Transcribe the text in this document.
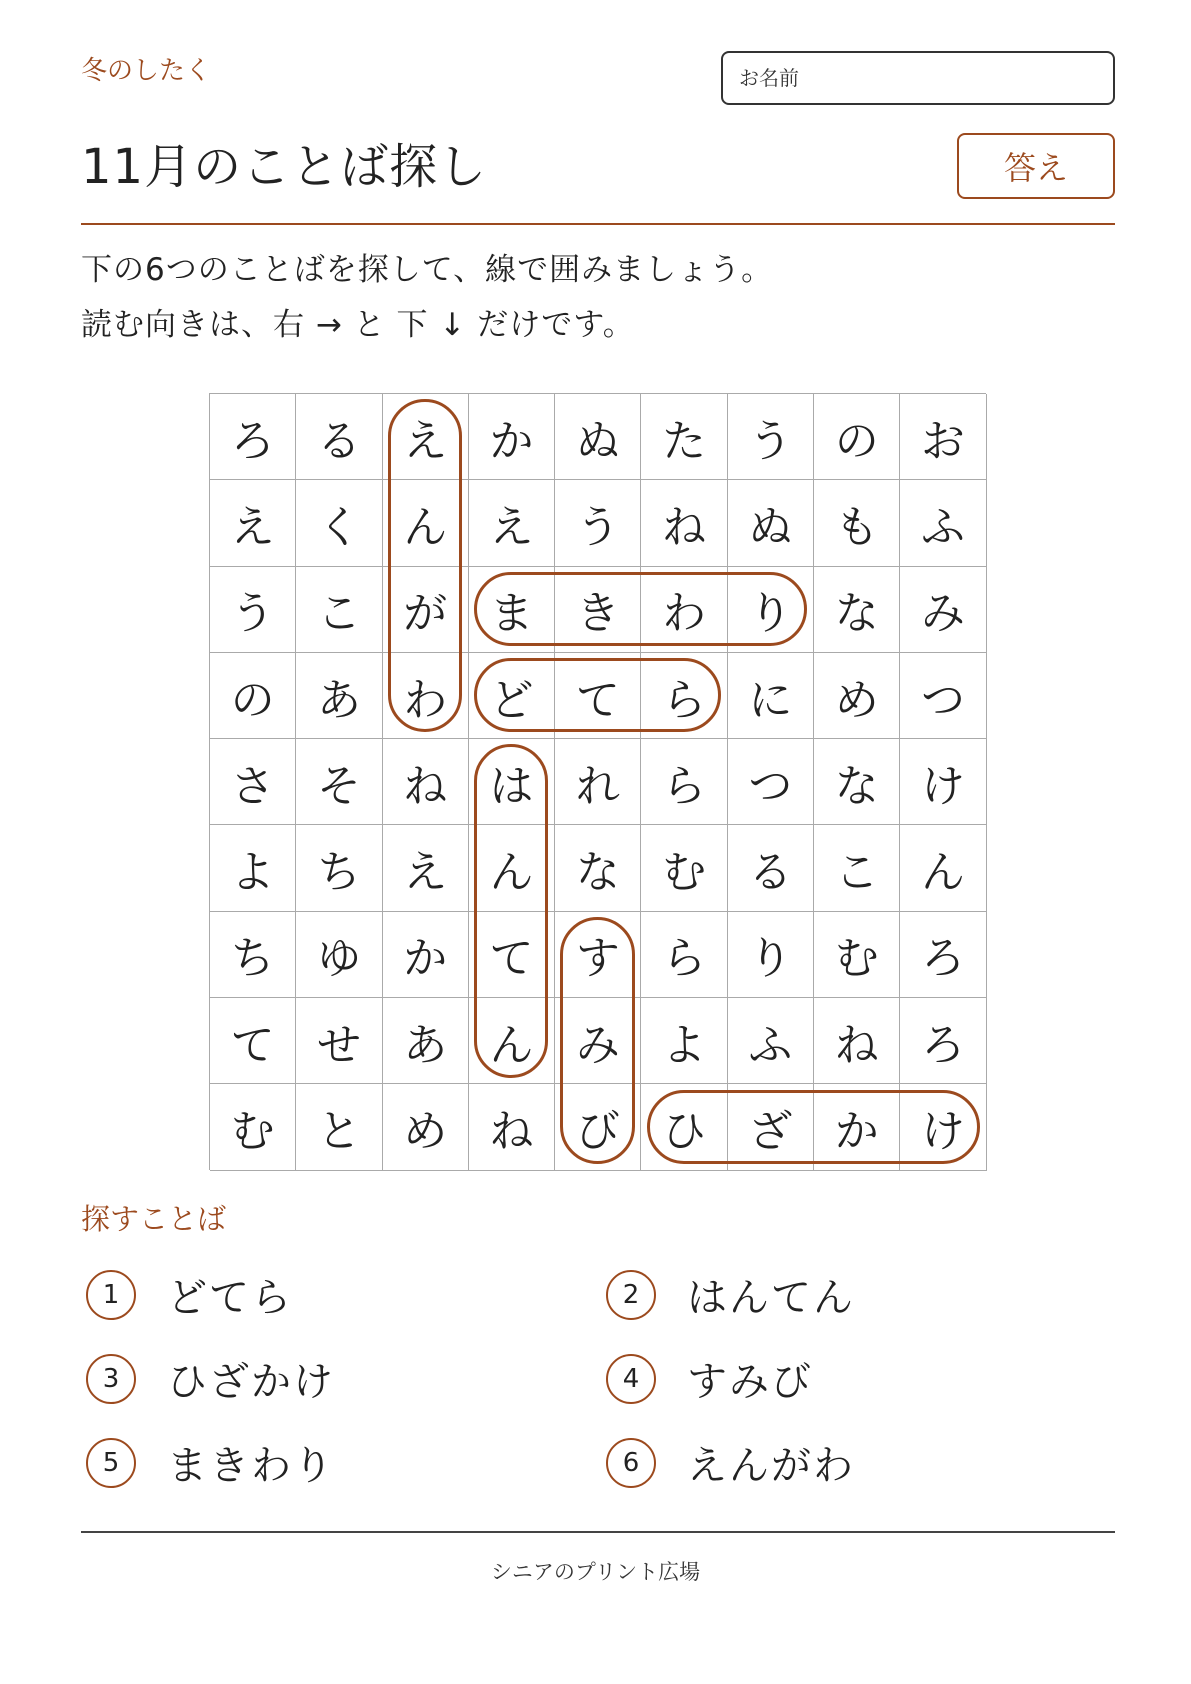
冬のしたく
お名前
11月のことば探し	答え
下の6つのことばを探して、線で囲みましょう。
読む向きは、右 → と 下 ↓ だけです。
ろ る え か ぬ た う の お
え く ん え う ね ぬ も ふ
う こ が ま き わ り な み
の あ わ ど て ら に め つ
さ そ ね は れ ら つ な け
よ ち え ん な む る こ ん
ち ゆ か て す ら り む ろ
て せ あ ん み よ ふ ね ろ
む と め ね び ひ ざ か け
探すことば
1	どてら	2	はんてん
3	ひざかけ	4	すみび
5	まきわり	6	えんがわ
シニアのプリント広場
